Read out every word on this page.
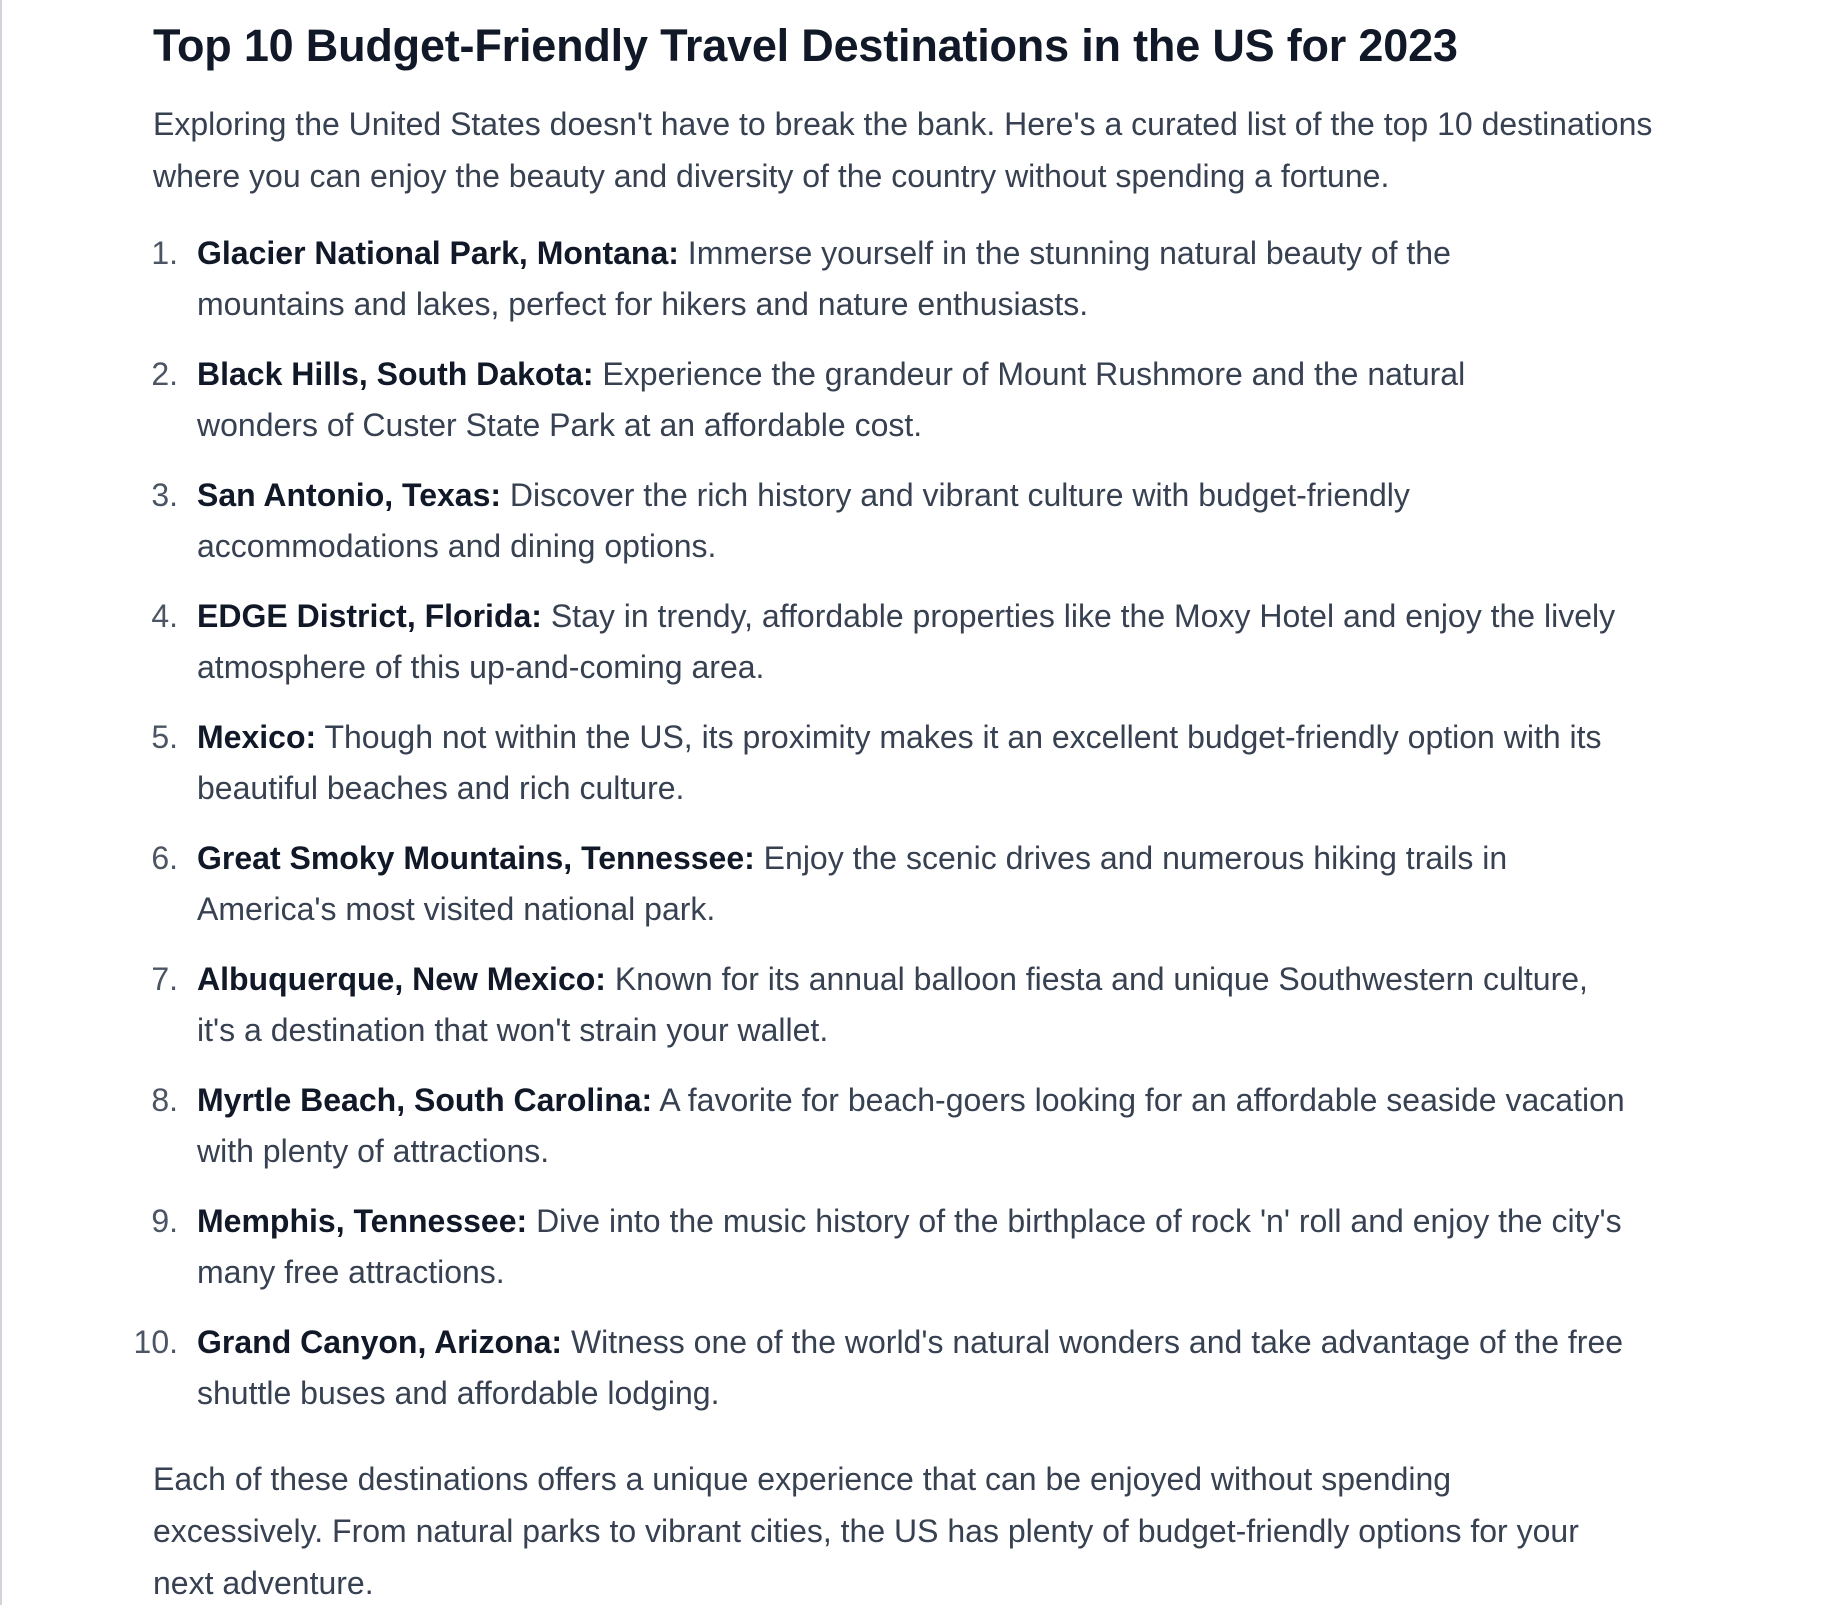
Top 10 Budget-Friendly Travel Destinations in the US for 2023

Exploring the United States doesn't have to break the bank. Here's a curated list of the top 10 destinations where you can enjoy the beauty and diversity of the country without spending a fortune.

1. Glacier National Park, Montana: Immerse yourself in the stunning natural beauty of the mountains and lakes, perfect for hikers and nature enthusiasts.
2. Black Hills, South Dakota: Experience the grandeur of Mount Rushmore and the natural wonders of Custer State Park at an affordable cost.
3. San Antonio, Texas: Discover the rich history and vibrant culture with budget-friendly accommodations and dining options.
4. EDGE District, Florida: Stay in trendy, affordable properties like the Moxy Hotel and enjoy the lively atmosphere of this up-and-coming area.
5. Mexico: Though not within the US, its proximity makes it an excellent budget-friendly option with its beautiful beaches and rich culture.
6. Great Smoky Mountains, Tennessee: Enjoy the scenic drives and numerous hiking trails in America's most visited national park.
7. Albuquerque, New Mexico: Known for its annual balloon fiesta and unique Southwestern culture, it's a destination that won't strain your wallet.
8. Myrtle Beach, South Carolina: A favorite for beach-goers looking for an affordable seaside vacation with plenty of attractions.
9. Memphis, Tennessee: Dive into the music history of the birthplace of rock 'n' roll and enjoy the city's many free attractions.
10. Grand Canyon, Arizona: Witness one of the world's natural wonders and take advantage of the free shuttle buses and affordable lodging.

Each of these destinations offers a unique experience that can be enjoyed without spending excessively. From natural parks to vibrant cities, the US has plenty of budget-friendly options for your next adventure.
